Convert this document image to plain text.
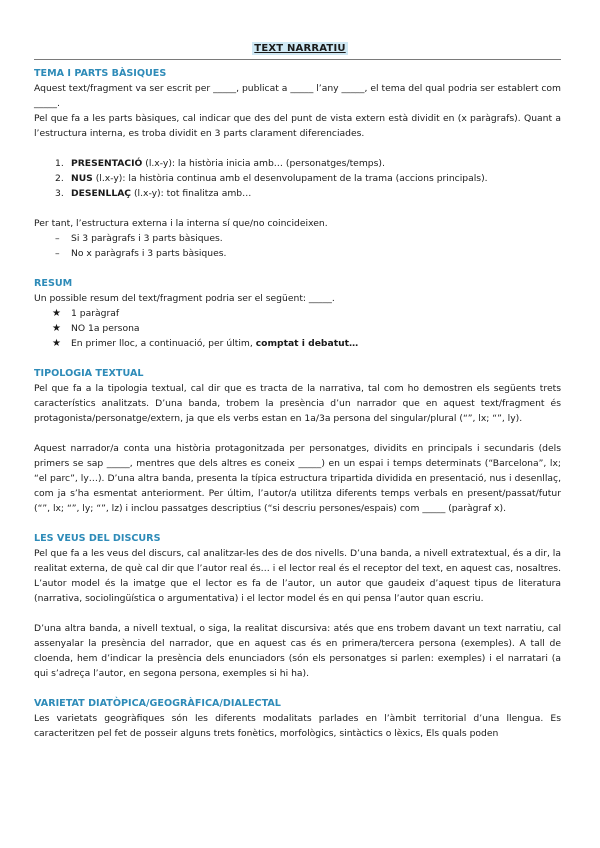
TEXT NARRATIU
TEMA I PARTS BÀSIQUES

Aquest text/fragment va ser escrit per _____, publicat a _____ l’any _____, el tema del qual podria ser establert com _____.

Pel que fa a les parts bàsiques, cal indicar que des del punt de vista extern està dividit en (x paràgrafs). Quant a l’estructura interna, es troba dividit en 3 parts clarament diferenciades.

1. PRESENTACIÓ (l.x-y): la història inicia amb… (personatges/temps).
2. NUS (l.x-y): la història continua amb el desenvolupament de la trama (accions principals).
3. DESENLLAÇ (l.x-y): tot finalitza amb…

Per tant, l’estructura externa i la interna sí que/no coincideixen.

– Si 3 paràgrafs i 3 parts bàsiques.
– No x paràgrafs i 3 parts bàsiques.
RESUM

Un possible resum del text/fragment podria ser el següent: _____.

★ 1 paràgraf
★ NO 1a persona
★ En primer lloc, a continuació, per últim, comptat i debatut…
TIPOLOGIA TEXTUAL

Pel que fa a la tipologia textual, cal dir que es tracta de la narrativa, tal com ho demostren els següents trets característics analitzats. D’una banda, trobem la presència d’un narrador que en aquest text/fragment és protagonista/personatge/extern, ja que els verbs estan en 1a/3a persona del singular/plural (“”, lx; “”, ly).

Aquest narrador/a conta una història protagonitzada per personatges, dividits en principals i secundaris (dels primers se sap _____, mentres que dels altres es coneix _____) en un espai i temps determinats (“Barcelona”, lx; “el parc”, ly…). D’una altra banda, presenta la típica estructura tripartida dividida en presentació, nus i desenllaç, com ja s’ha esmentat anteriorment. Per últim, l’autor/a utilitza diferents temps verbals en present/passat/futur (“”, lx; “”, ly; “”, lz) i inclou passatges descriptius (“si descriu persones/espais) com _____ (paràgraf x).

LES VEUS DEL DISCURS

Pel que fa a les veus del discurs, cal analitzar-les des de dos nivells. D’una banda, a nivell extratextual, és a dir, la realitat externa, de què cal dir que l’autor real és… i el lector real és el receptor del text, en aquest cas, nosaltres. L’autor model és la imatge que el lector es fa de l’autor, un autor que gaudeix d’aquest tipus de literatura (narrativa, sociolingüística o argumentativa) i el lector model és en qui pensa l’autor quan escriu.

D’una altra banda, a nivell textual, o siga, la realitat discursiva: atés que ens trobem davant un text narratiu, cal assenyalar la presència del narrador, que en aquest cas és en primera/tercera persona (exemples). A tall de cloenda, hem d’indicar la presència dels enunciadors (són els personatges si parlen: exemples) i el narratari (a qui s’adreça l’autor, en segona persona, exemples si hi ha).

VARIETAT DIATÒPICA/GEOGRÀFICA/DIALECTAL

Les varietats geogràfiques són les diferents modalitats parlades en l’àmbit territorial d’una llengua. Es caracteritzen pel fet de posseir alguns trets fonètics, morfològics, sintàctics o lèxics, Els quals poden
